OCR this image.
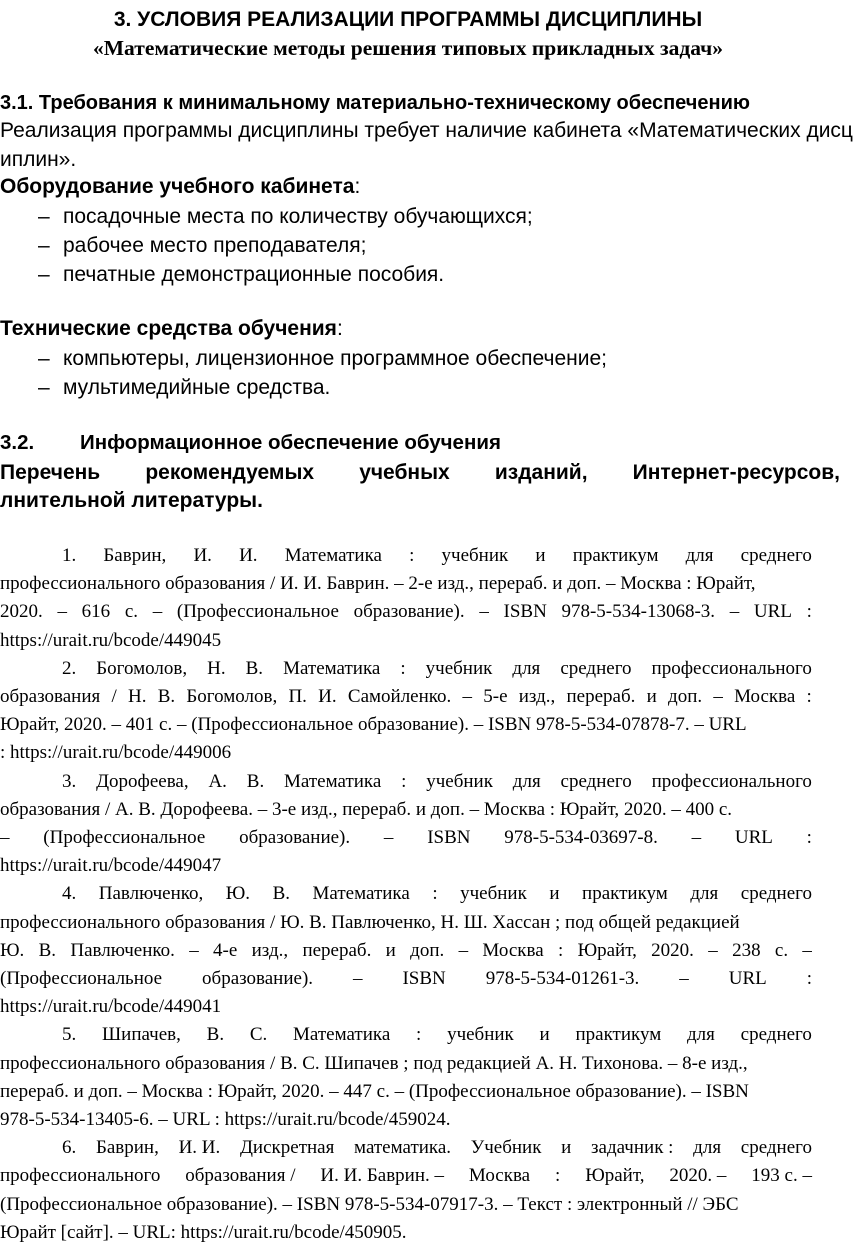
3. УСЛОВИЯ РЕАЛИЗАЦИИ ПРОГРАММЫ ДИСЦИПЛИНЫ
«Математические методы решения типовых прикладных задач»
3.1. Требования к минимальному материально-техническому обеспечению
Реализация программы дисциплины требует наличие кабинета «Математических дисц
иплин».
Оборудование учебного кабинета:
– посадочные места по количеству обучающихся;
– рабочее место преподавателя;
– печатные демонстрационные пособия.
Технические средства обучения:
– компьютеры, лицензионное программное обеспечение;
– мультимедийные средства.
3.2. Информационное обеспечение обучения
Перечень рекомендуемых учебных изданий, Интернет-ресурсов,
лнительной литературы.
1. Баврин, И. И. Математика : учебник и практикум для среднего
профессионального образования / И. И. Баврин. – 2-е изд., перераб. и доп. – Москва : Юрайт,
2020. – 616 с. – (Профессиональное образование). – ISBN 978-5-534-13068-3. – URL :
https://urait.ru/bcode/449045
2. Богомолов, Н. В. Математика : учебник для среднего профессионального
образования / Н. В. Богомолов, П. И. Самойленко. – 5-е изд., перераб. и доп. – Москва :
Юрайт, 2020. – 401 с. – (Профессиональное образование). – ISBN 978-5-534-07878-7. – URL
: https://urait.ru/bcode/449006
3. Дорофеева, А. В. Математика : учебник для среднего профессионального
образования / А. В. Дорофеева. – 3-е изд., перераб. и доп. – Москва : Юрайт, 2020. – 400 с.
– (Профессиональное образование). – ISBN 978-5-534-03697-8. – URL :
https://urait.ru/bcode/449047
4. Павлюченко, Ю. В. Математика : учебник и практикум для среднего
профессионального образования / Ю. В. Павлюченко, Н. Ш. Хассан ; под общей редакцией
Ю. В. Павлюченко. – 4-е изд., перераб. и доп. – Москва : Юрайт, 2020. – 238 с. –
(Профессиональное образование). – ISBN 978-5-534-01261-3. – URL :
https://urait.ru/bcode/449041
5. Шипачев, В. С. Математика : учебник и практикум для среднего
профессионального образования / В. С. Шипачев ; под редакцией А. Н. Тихонова. – 8-е изд.,
перераб. и доп. – Москва : Юрайт, 2020. – 447 с. – (Профессиональное образование). – ISBN
978-5-534-13405-6. – URL : https://urait.ru/bcode/459024.
6. Баврин, И. И. Дискретная математика. Учебник и задачник : для среднего
профессионального образования / И. И. Баврин. – Москва : Юрайт, 2020. – 193 с. –
(Профессиональное образование). – ISBN 978-5-534-07917-3. – Текст : электронный // ЭБС
Юрайт [сайт]. – URL: https://urait.ru/bcode/450905.
